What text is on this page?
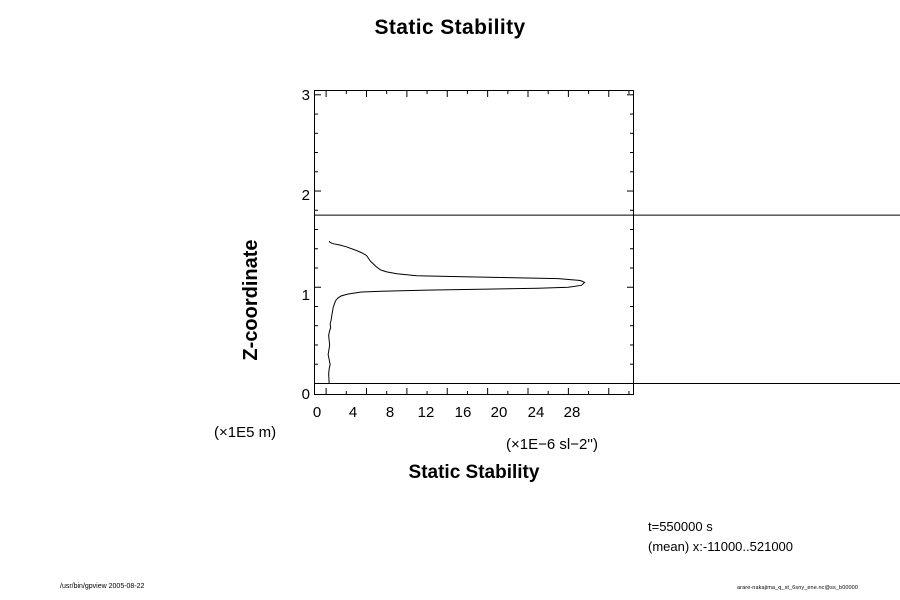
Static Stability
Z-coordinate
0
1
2
3
0	4	8	12	16	20	24	28
(×1E5 m)
(×1E−6 sl−2'')
Static Stability
t=550000 s
(mean) x:-11000..521000
/usr/bin/gpview 2005-08-22	arare-nakajima_q_st_6sny_ene.nc@ss_b00000
